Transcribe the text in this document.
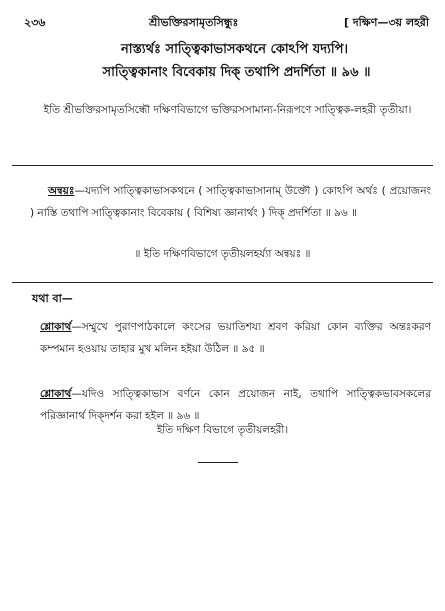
২৩৬	শ্রীভক্তিরসামৃতসিন্ধুঃ	[ দক্ষিণ—৩য় লহরী
নাস্ত্যর্থঃ সাত্ত্বিকাভাসকথনে কোঽপি যদ্যপি।
সাত্ত্বিকানাং বিবেকায় দিক্ তথাপি প্রদর্শিতা ॥ ৯৬ ॥
ইতি শ্রীভক্তিরসামৃতসিন্ধৌ দক্ষিণবিভাগে ভক্তিরসসামান্য-নিরূপণে সাত্ত্বিক-লহরী তৃতীয়া।
অন্বয়ঃ—যদ্যপি সাত্ত্বিকাভাসকথনে ( সাত্ত্বিকাভাসানাম্ উক্তৌ ) কোঽপি অর্থঃ ( প্রয়োজনং ) নাস্তি তথাপি সাত্ত্বিকানাং বিবেকায় ( বিশিষ্য জ্ঞানার্থং ) দিক্ প্রদর্শিতা ॥ ৯৬ ॥
॥ ইতি দক্ষিণবিভাগে তৃতীয়লহর্য্যা অন্বয়ঃ ॥
যথা বা—
শ্লোকার্থ—সম্মুখে পুরাণপাঠকালে কংসের ভয়াতিশয্য শ্রবণ করিয়া কোন ব্যক্তির অন্তঃকরণ কম্পমান হওয়ায় তাহার মুখ মলিন হইয়া উঠিল ॥ ৯৫ ॥
শ্লোকার্থ—যদিও সাত্ত্বিকাভাস বর্ণনে কোন প্রয়োজন নাই, তথাপি সাত্ত্বিকভাবসকলের পরিজ্ঞানার্থ দিক্দর্শন করা হইল ॥ ৯৬ ॥
ইতি দক্ষিণ বিভাগে তৃতীয়লহরী।
